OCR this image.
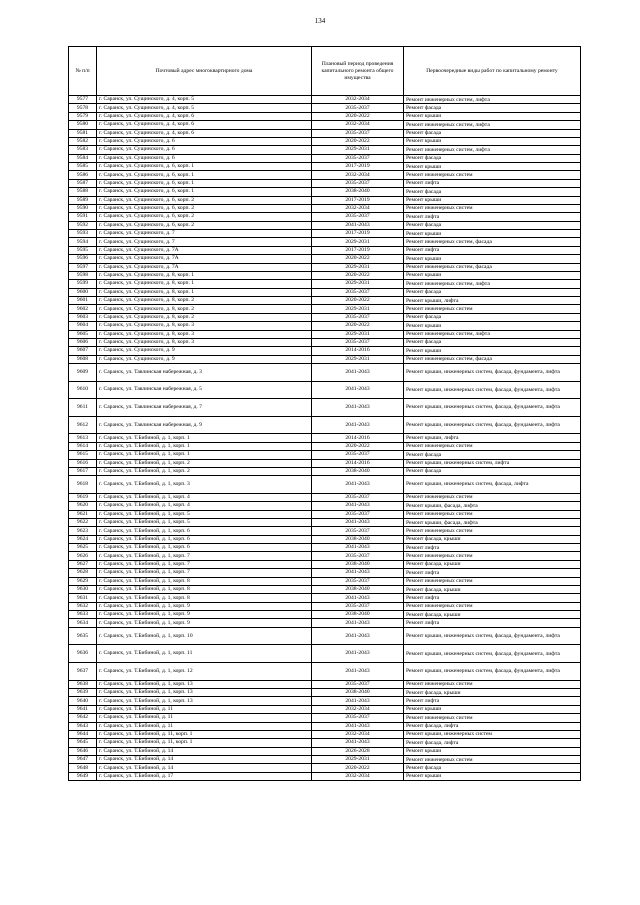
134
№ п/п	Почтовый адрес многоквартирного дома	Плановый период проведения капитального ремонта общего имущества	Первоочередные виды работ по капитальному ремонту
9577	г. Саранск, ул. Сущинского, д. 4, корп. 5	2032-2034	Ремонт инженерных систем, лифта
9578	г. Саранск, ул. Сущинского, д. 4, корп. 5	2035-2037	Ремонт фасада
9579	г. Саранск, ул. Сущинского, д. 4, корп. 6	2020-2022	Ремонт крыши
9580	г. Саранск, ул. Сущинского, д. 4, корп. 6	2032-2034	Ремонт инженерных систем, лифта
9581	г. Саранск, ул. Сущинского, д. 4, корп. 6	2035-2037	Ремонт фасада
9582	г. Саранск, ул. Сущинского, д. 6	2020-2022	Ремонт крыши
9583	г. Саранск, ул. Сущинского, д. 6	2029-2031	Ремонт инженерных систем, лифта
9584	г. Саранск, ул. Сущинского, д. 6	2035-2037	Ремонт фасада
9585	г. Саранск, ул. Сущинского, д. 6, корп. 1	2017-2019	Ремонт крыши
9586	г. Саранск, ул. Сущинского, д. 6, корп. 1	2032-2034	Ремонт инженерных систем
9587	г. Саранск, ул. Сущинского, д. 6, корп. 1	2035-2037	Ремонт лифта
9588	г. Саранск, ул. Сущинского, д. 6, корп. 1	2038-2040	Ремонт фасада
9589	г. Саранск, ул. Сущинского, д. 6, корп. 2	2017-2019	Ремонт крыши
9590	г. Саранск, ул. Сущинского, д. 6, корп. 2	2032-2034	Ремонт инженерных систем
9591	г. Саранск, ул. Сущинского, д. 6, корп. 2	2035-2037	Ремонт лифта
9592	г. Саранск, ул. Сущинского, д. 6, корп. 2	2041-2043	Ремонт фасада
9593	г. Саранск, ул. Сущинского, д. 7	2017-2019	Ремонт крыши
9594	г. Саранск, ул. Сущинского, д. 7	2029-2031	Ремонт инженерных систем, фасада
9595	г. Саранск, ул. Сущинского, д. 7А	2017-2019	Ремонт лифта
9596	г. Саранск, ул. Сущинского, д. 7А	2020-2022	Ремонт крыши
9597	г. Саранск, ул. Сущинского, д. 7А	2029-2031	Ремонт инженерных систем, фасада
9598	г. Саранск, ул. Сущинского, д. 8, корп. 1	2020-2022	Ремонт крыши
9599	г. Саранск, ул. Сущинского, д. 8, корп. 1	2029-2031	Ремонт инженерных систем, лифта
9600	г. Саранск, ул. Сущинского, д. 8, корп. 1	2035-2037	Ремонт фасада
9601	г. Саранск, ул. Сущинского, д. 8, корп. 2	2020-2022	Ремонт крыши, лифта
9602	г. Саранск, ул. Сущинского, д. 8, корп. 2	2029-2031	Ремонт инженерных систем
9603	г. Саранск, ул. Сущинского, д. 8, корп. 2	2035-2037	Ремонт фасада
9604	г. Саранск, ул. Сущинского, д. 8, корп. 3	2020-2022	Ремонт крыши
9605	г. Саранск, ул. Сущинского, д. 8, корп. 3	2029-2031	Ремонт инженерных систем, лифта
9606	г. Саранск, ул. Сущинского, д. 8, корп. 3	2035-2037	Ремонт фасада
9607	г. Саранск, ул. Сущинского, д. 9	2014-2016	Ремонт крыши
9608	г. Саранск, ул. Сущинского, д. 9	2029-2031	Ремонт инженерных систем, фасада
9609	г. Саранск, ул. Тавлинская набережная, д. 3	2041-2043	Ремонт крыши, инженерных систем, фасада, фундамента, лифта
9610	г. Саранск, ул. Тавлинская набережная, д. 5	2041-2043	Ремонт крыши, инженерных систем, фасада, фундамента, лифта
9611	г. Саранск, ул. Тавлинская набережная, д. 7	2041-2043	Ремонт крыши, инженерных систем, фасада, фундамента, лифта
9612	г. Саранск, ул. Тавлинская набережная, д. 9	2041-2043	Ремонт крыши, инженерных систем, фасада, фундамента, лифта
9613	г. Саранск, ул. Т.Бибиной, д. 1, корп. 1	2014-2016	Ремонт крыши, лифта
9614	г. Саранск, ул. Т.Бибиной, д. 1, корп. 1	2020-2022	Ремонт инженерных систем
9615	г. Саранск, ул. Т.Бибиной, д. 1, корп. 1	2035-2037	Ремонт фасада
9616	г. Саранск, ул. Т.Бибиной, д. 1, корп. 2	2014-2016	Ремонт крыши, инженерных систем, лифта
9617	г. Саранск, ул. Т.Бибиной, д. 1, корп. 2	2038-2040	Ремонт фасада
9618	г. Саранск, ул. Т.Бибиной, д. 1, корп. 3	2041-2043	Ремонт крыши, инженерных систем, фасада, лифта
9619	г. Саранск, ул. Т.Бибиной, д. 1, корп. 4	2035-2037	Ремонт инженерных систем
9620	г. Саранск, ул. Т.Бибиной, д. 1, корп. 4	2041-2043	Ремонт крыши, фасада, лифта
9621	г. Саранск, ул. Т.Бибиной, д. 1, корп. 5	2035-2037	Ремонт инженерных систем
9622	г. Саранск, ул. Т.Бибиной, д. 1, корп. 5	2041-2043	Ремонт крыши, фасада, лифта
9623	г. Саранск, ул. Т.Бибиной, д. 1, корп. 6	2035-2037	Ремонт инженерных систем
9624	г. Саранск, ул. Т.Бибиной, д. 1, корп. 6	2038-2040	Ремонт фасада, крыши
9625	г. Саранск, ул. Т.Бибиной, д. 1, корп. 6	2041-2043	Ремонт лифта
9626	г. Саранск, ул. Т.Бибиной, д. 1, корп. 7	2035-2037	Ремонт инженерных систем
9627	г. Саранск, ул. Т.Бибиной, д. 1, корп. 7	2038-2040	Ремонт фасада, крыши
9628	г. Саранск, ул. Т.Бибиной, д. 1, корп. 7	2041-2043	Ремонт лифта
9629	г. Саранск, ул. Т.Бибиной, д. 1, корп. 8	2035-2037	Ремонт инженерных систем
9630	г. Саранск, ул. Т.Бибиной, д. 1, корп. 8	2038-2040	Ремонт фасада, крыши
9631	г. Саранск, ул. Т.Бибиной, д. 1, корп. 8	2041-2043	Ремонт лифта
9632	г. Саранск, ул. Т.Бибиной, д. 1, корп. 9	2035-2037	Ремонт инженерных систем
9633	г. Саранск, ул. Т.Бибиной, д. 1, корп. 9	2038-2040	Ремонт фасада, крыши
9634	г. Саранск, ул. Т.Бибиной, д. 1, корп. 9	2041-2043	Ремонт лифта
9635	г. Саранск, ул. Т.Бибиной, д. 1, корп. 10	2041-2043	Ремонт крыши, инженерных систем, фасада, фундамента, лифта
9636	г. Саранск, ул. Т.Бибиной, д. 1, корп. 11	2041-2043	Ремонт крыши, инженерных систем, фасада, фундамента, лифта
9637	г. Саранск, ул. Т.Бибиной, д. 1, корп. 12	2041-2043	Ремонт крыши, инженерных систем, фасада, фундамента, лифта
9638	г. Саранск, ул. Т.Бибиной, д. 1, корп. 13	2035-2037	Ремонт инженерных систем
9639	г. Саранск, ул. Т.Бибиной, д. 1, корп. 13	2038-2040	Ремонт фасада, крыши
9640	г. Саранск, ул. Т.Бибиной, д. 1, корп. 13	2041-2043	Ремонт лифта
9641	г. Саранск, ул. Т.Бибиной, д. 11	2032-2034	Ремонт крыши
9642	г. Саранск, ул. Т.Бибиной, д. 11	2035-2037	Ремонт инженерных систем
9643	г. Саранск, ул. Т.Бибиной, д. 11	2041-2043	Ремонт фасада, лифта
9644	г. Саранск, ул. Т.Бибиной, д. 11, корп. 1	2032-2034	Ремонт крыши, инженерных систем
9645	г. Саранск, ул. Т.Бибиной, д. 11, корп. 1	2041-2043	Ремонт фасада, лифта
9646	г. Саранск, ул. Т.Бибиной, д. 14	2026-2028	Ремонт крыши
9647	г. Саранск, ул. Т.Бибиной, д. 14	2029-2031	Ремонт инженерных систем
9648	г. Саранск, ул. Т.Бибиной, д. 14	2020-2022	Ремонт фасада
9649	г. Саранск, ул. Т.Бибиной, д. 17	2032-2034	Ремонт крыши
